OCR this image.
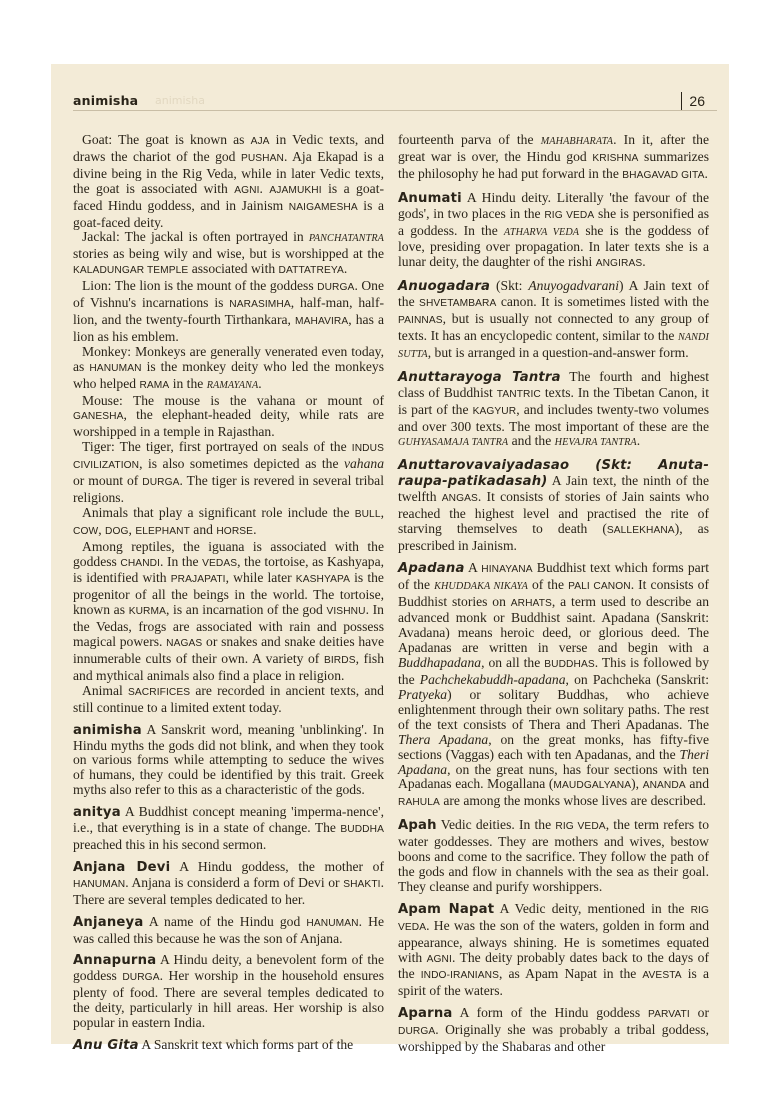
animisha animisha	26

Goat: The goat is known as AJA in Vedic texts, and draws the chariot of the god PUSHAN. Aja Ekapad is a divine being in the Rig Veda, while in later Vedic texts, the goat is associated with AGNI. AJAMUKHI is a goat-faced Hindu goddess, and in Jainism NAIGAMESHA is a goat-faced deity.

Jackal: The jackal is often portrayed in PANCHATANTRA stories as being wily and wise, but is worshipped at the KALADUNGAR TEMPLE associated with DATTATREYA.

Lion: The lion is the mount of the goddess DURGA. One of Vishnu's incarnations is NARASIMHA, half-man, half-lion, and the twenty-fourth Tirthankara, MAHAVIRA, has a lion as his emblem.

Monkey: Monkeys are generally venerated even today, as HANUMAN is the monkey deity who led the monkeys who helped RAMA in the RAMAYANA.

Mouse: The mouse is the vahana or mount of GANESHA, the elephant-headed deity, while rats are worshipped in a temple in Rajasthan.

Tiger: The tiger, first portrayed on seals of the INDUS CIVILIZATION, is also sometimes depicted as the vahana or mount of DURGA. The tiger is revered in several tribal religions.

Animals that play a significant role include the BULL, COW, DOG, ELEPHANT and HORSE.

Among reptiles, the iguana is associated with the goddess CHANDI. In the VEDAS, the tortoise, as Kashyapa, is identified with PRAJAPATI, while later KASHYAPA is the progenitor of all the beings in the world. The tortoise, known as KURMA, is an incarnation of the god VISHNU. In the Vedas, frogs are associated with rain and possess magical powers. NAGAS or snakes and snake deities have innumerable cults of their own. A variety of BIRDS, fish and mythical animals also find a place in religion.

Animal SACRIFICES are recorded in ancient texts, and still continue to a limited extent today.

animisha A Sanskrit word, meaning 'unblinking'. In Hindu myths the gods did not blink, and when they took on various forms while attempting to seduce the wives of humans, they could be identified by this trait. Greek myths also refer to this as a characteristic of the gods.

anitya A Buddhist concept meaning 'imperma-nence', i.e., that everything is in a state of change. The BUDDHA preached this in his second sermon.

Anjana Devi A Hindu goddess, the mother of HANUMAN. Anjana is considerd a form of Devi or SHAKTI. There are several temples dedicated to her.

Anjaneya A name of the Hindu god HANUMAN. He was called this because he was the son of Anjana.

Annapurna A Hindu deity, a benevolent form of the goddess DURGA. Her worship in the household ensures plenty of food. There are several temples dedicated to the deity, particularly in hill areas. Her worship is also popular in eastern India.

Anu Gita A Sanskrit text which forms part of the

fourteenth parva of the MAHABHARATA. In it, after the great war is over, the Hindu god KRISHNA summarizes the philosophy he had put forward in the BHAGAVAD GITA.

Anumati A Hindu deity. Literally 'the favour of the gods', in two places in the RIG VEDA she is personified as a goddess. In the ATHARVA VEDA she is the goddess of love, presiding over propagation. In later texts she is a lunar deity, the daughter of the rishi ANGIRAS.

Anuogadara (Skt: Anuyogadvarani) A Jain text of the SHVETAMBARA canon. It is sometimes listed with the PAINNAS, but is usually not connected to any group of texts. It has an encyclopedic content, similar to the NANDI SUTTA, but is arranged in a question-and-answer form.

Anuttarayoga Tantra The fourth and highest class of Buddhist TANTRIC texts. In the Tibetan Canon, it is part of the KAGYUR, and includes twenty-two volumes and over 300 texts. The most important of these are the GUHYASAMAJA TANTRA and the HEVAJRA TANTRA.

Anuttarovavaiyadasao (Skt: Anuta-raupa-patikadasah) A Jain text, the ninth of the twelfth ANGAS. It consists of stories of Jain saints who reached the highest level and practised the rite of starving themselves to death (SALLEKHANA), as prescribed in Jainism.

Apadana A HINAYANA Buddhist text which forms part of the KHUDDAKA NIKAYA of the PALI CANON. It consists of Buddhist stories on ARHATS, a term used to describe an advanced monk or Buddhist saint. Apadana (Sanskrit: Avadana) means heroic deed, or glorious deed. The Apadanas are written in verse and begin with a Buddhapadana, on all the BUDDHAS. This is followed by the Pachchekabuddh-apadana, on Pachcheka (Sanskrit: Pratyeka) or solitary Buddhas, who achieve enlightenment through their own solitary paths. The rest of the text consists of Thera and Theri Apadanas. The Thera Apadana, on the great monks, has fifty-five sections (Vaggas) each with ten Apadanas, and the Theri Apadana, on the great nuns, has four sections with ten Apadanas each. Mogallana (MAUDGALYANA), ANANDA and RAHULA are among the monks whose lives are described.

Apah Vedic deities. In the RIG VEDA, the term refers to water goddesses. They are mothers and wives, bestow boons and come to the sacrifice. They follow the path of the gods and flow in channels with the sea as their goal. They cleanse and purify worshippers.

Apam Napat A Vedic deity, mentioned in the RIG VEDA. He was the son of the waters, golden in form and appearance, always shining. He is sometimes equated with AGNI. The deity probably dates back to the days of the INDO-IRANIANS, as Apam Napat in the AVESTA is a spirit of the waters.

Aparna A form of the Hindu goddess PARVATI or DURGA. Originally she was probably a tribal goddess, worshipped by the Shabaras and other
